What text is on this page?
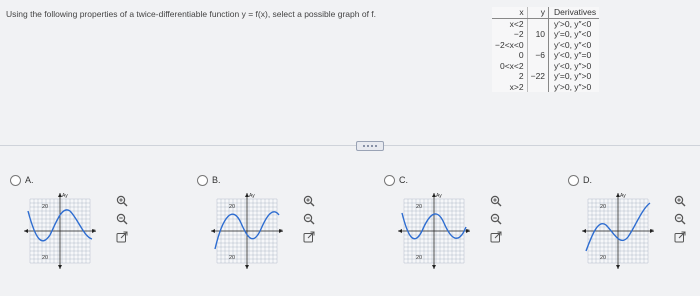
Using the following properties of a twice-differentiable function y = f(x), select a possible graph of f.	x	y	Derivatives
x<2		y′>0, y″<0
−2	10	y′=0, y″<0
−2<x<0		y′<0, y″<0
0	−6	y′<0, y″=0
0<x<2		y′<0, y″>0
2	−22	y′=0, y″>0
x>2		y′>0, y″>0
A.
20
20
Ay
x
B.
20
20
Ay
x
C.
20
20
Ay
x
D.
20
20
Ay
x
